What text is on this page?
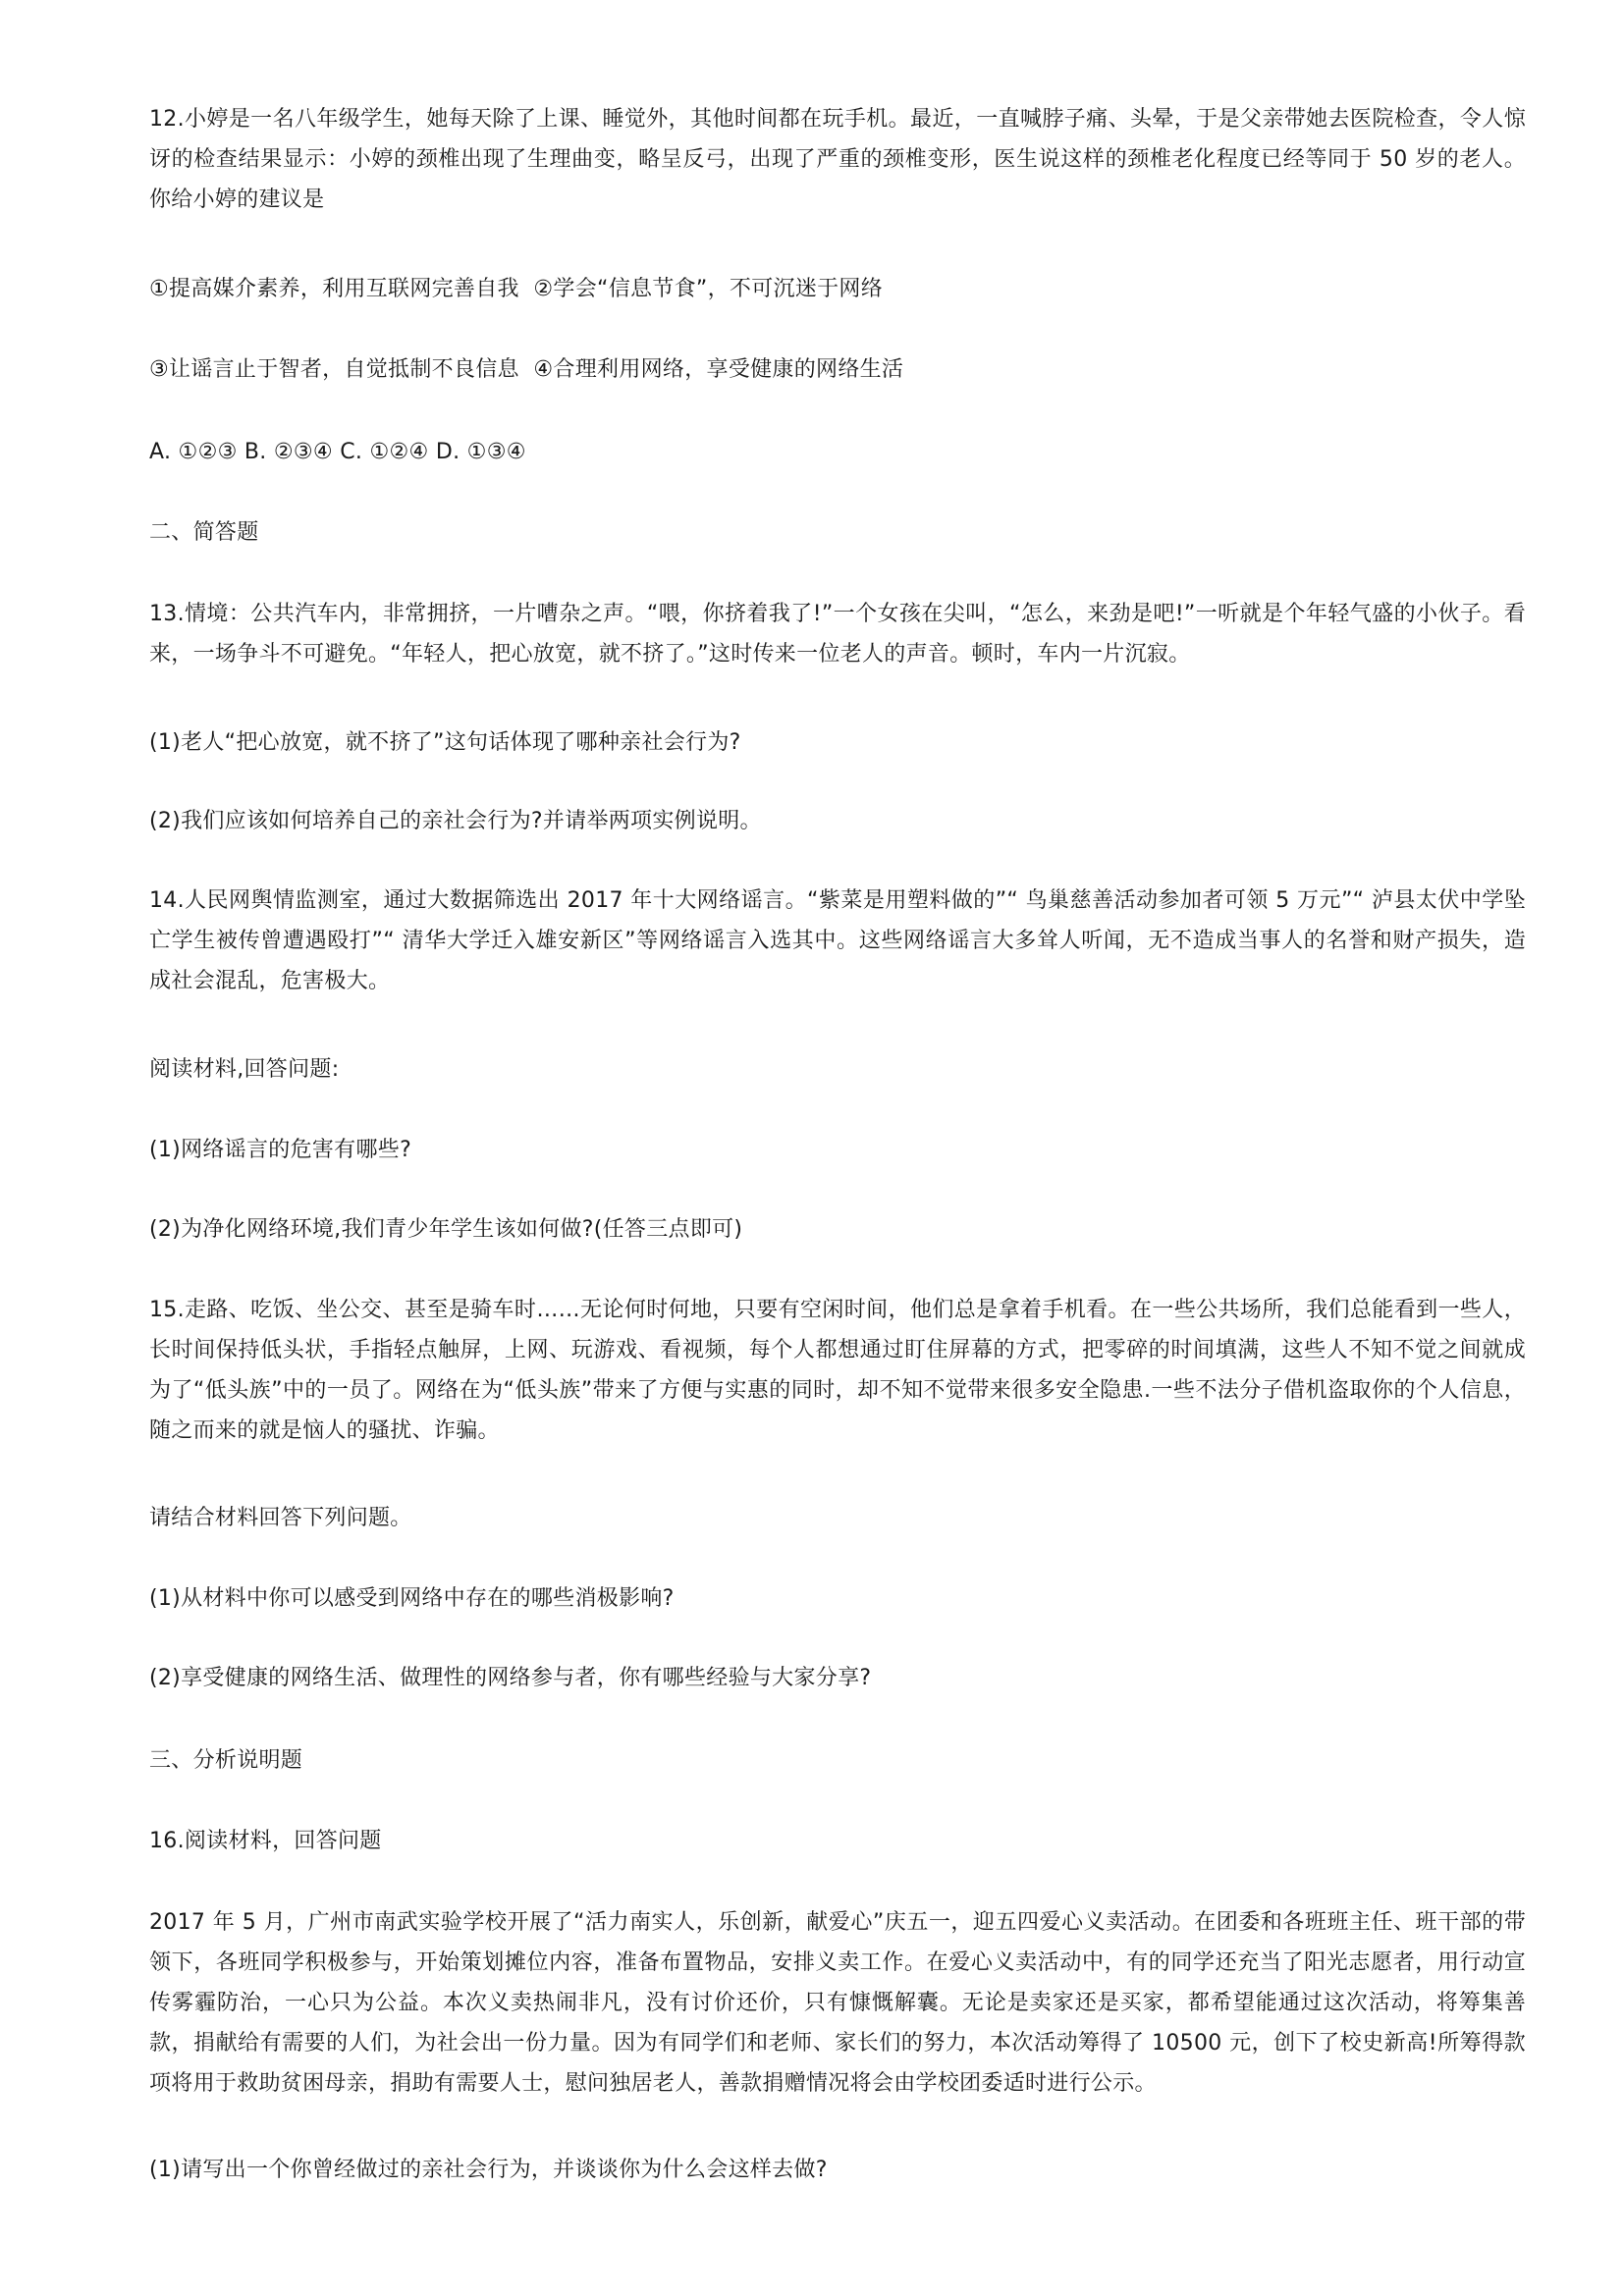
12.小婷是一名八年级学生，她每天除了上课、睡觉外，其他时间都在玩手机。最近，一直喊脖子痛、头晕，于是父亲带她去医院检查，令人惊讶的检查结果显示：小婷的颈椎出现了生理曲变，略呈反弓，出现了严重的颈椎变形，医生说这样的颈椎老化程度已经等同于 50 岁的老人。你给小婷的建议是

①提高媒介素养，利用互联网完善自我  ②学会“信息节食”，不可沉迷于网络

③让谣言止于智者，自觉抵制不良信息  ④合理利用网络，享受健康的网络生活

A. ①②③ B. ②③④ C. ①②④ D. ①③④

二、简答题

13.情境：公共汽车内，非常拥挤，一片嘈杂之声。“喂，你挤着我了!”一个女孩在尖叫，“怎么，来劲是吧!”一听就是个年轻气盛的小伙子。看来，一场争斗不可避免。“年轻人，把心放宽，就不挤了。”这时传来一位老人的声音。顿时，车内一片沉寂。

(1)老人“把心放宽，就不挤了”这句话体现了哪种亲社会行为?

(2)我们应该如何培养自己的亲社会行为?并请举两项实例说明。

14.人民网舆情监测室，通过大数据筛选出 2017 年十大网络谣言。“紫菜是用塑料做的”“ 鸟巢慈善活动参加者可领 5 万元”“ 泸县太伏中学坠亡学生被传曾遭遇殴打”“ 清华大学迁入雄安新区”等网络谣言入选其中。这些网络谣言大多耸人听闻，无不造成当事人的名誉和财产损失，造成社会混乱，危害极大。

阅读材料,回答问题:

(1)网络谣言的危害有哪些?

(2)为净化网络环境,我们青少年学生该如何做?(任答三点即可)

15.走路、吃饭、坐公交、甚至是骑车时……无论何时何地，只要有空闲时间，他们总是拿着手机看。在一些公共场所，我们总能看到一些人，长时间保持低头状，手指轻点触屏，上网、玩游戏、看视频，每个人都想通过盯住屏幕的方式，把零碎的时间填满，这些人不知不觉之间就成为了“低头族”中的一员了。网络在为“低头族”带来了方便与实惠的同时，却不知不觉带来很多安全隐患.一些不法分子借机盗取你的个人信息，随之而来的就是恼人的骚扰、诈骗。

请结合材料回答下列问题。

(1)从材料中你可以感受到网络中存在的哪些消极影响?

(2)享受健康的网络生活、做理性的网络参与者，你有哪些经验与大家分享?

三、分析说明题

16.阅读材料，回答问题

2017 年 5 月，广州市南武实验学校开展了“活力南实人，乐创新，献爱心”庆五一，迎五四爱心义卖活动。在团委和各班班主任、班干部的带领下，各班同学积极参与，开始策划摊位内容，准备布置物品，安排义卖工作。在爱心义卖活动中，有的同学还充当了阳光志愿者，用行动宣传雾霾防治，一心只为公益。本次义卖热闹非凡，没有讨价还价，只有慷慨解囊。无论是卖家还是买家，都希望能通过这次活动，将筹集善款，捐献给有需要的人们，为社会出一份力量。因为有同学们和老师、家长们的努力，本次活动筹得了 10500 元，创下了校史新高!所筹得款项将用于救助贫困母亲，捐助有需要人士，慰问独居老人，善款捐赠情况将会由学校团委适时进行公示。

(1)请写出一个你曾经做过的亲社会行为，并谈谈你为什么会这样去做?
